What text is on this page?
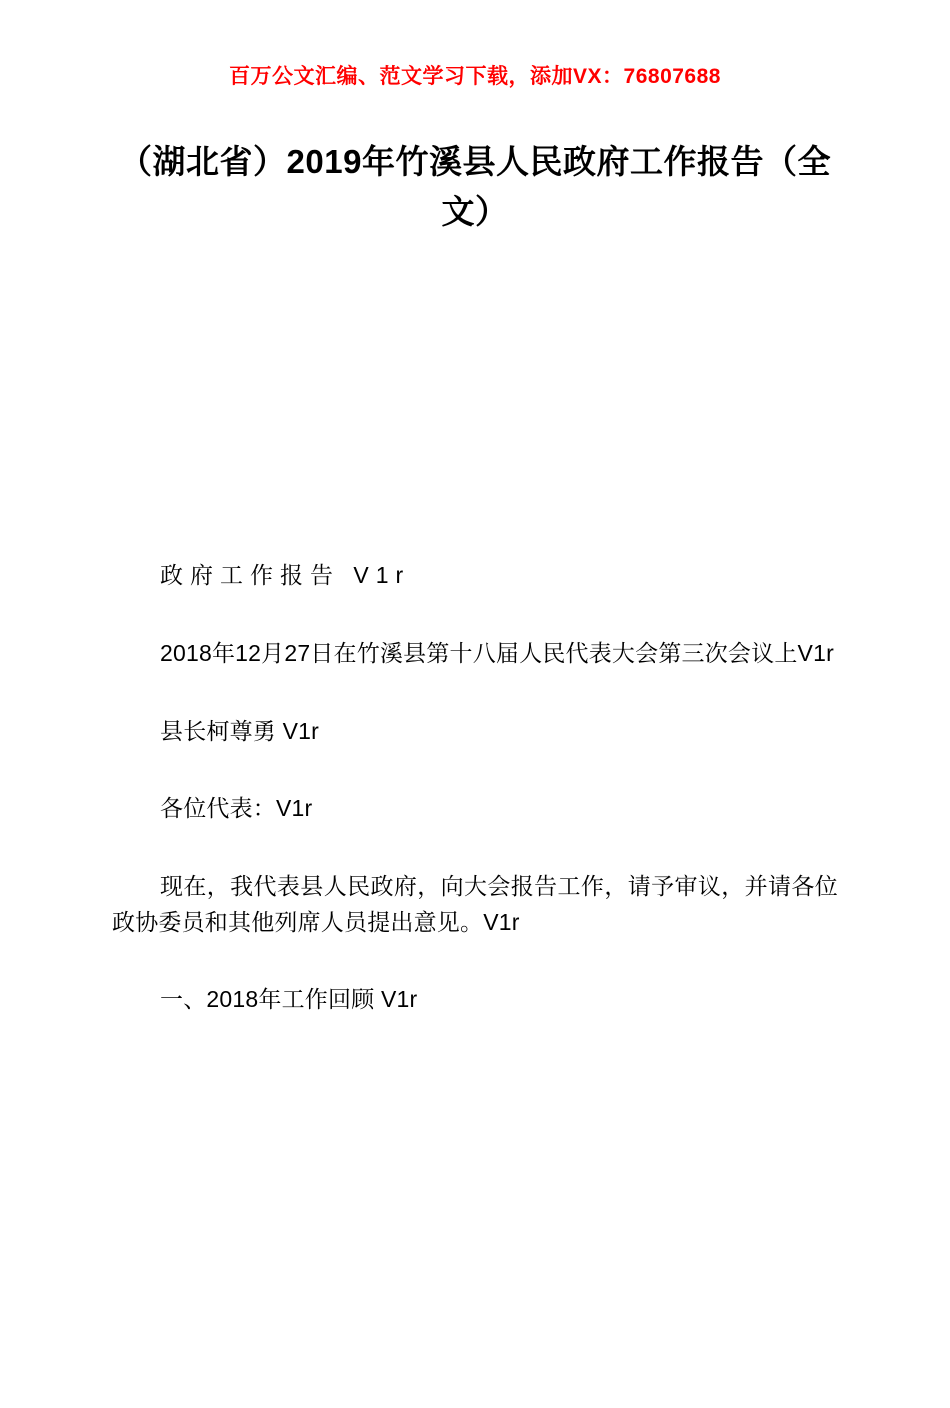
百万公文汇编、范文学习下载，添加VX：76807688
（湖北省）2019年竹溪县人民政府工作报告（全文）

政府工作报告 V1r

2018年12月27日在竹溪县第十八届人民代表大会第三次会议上V1r

县长柯尊勇 V1r

各位代表：V1r

现在，我代表县人民政府，向大会报告工作，请予审议，并请各位政协委员和其他列席人员提出意见。V1r

一、2018年工作回顾 V1r
